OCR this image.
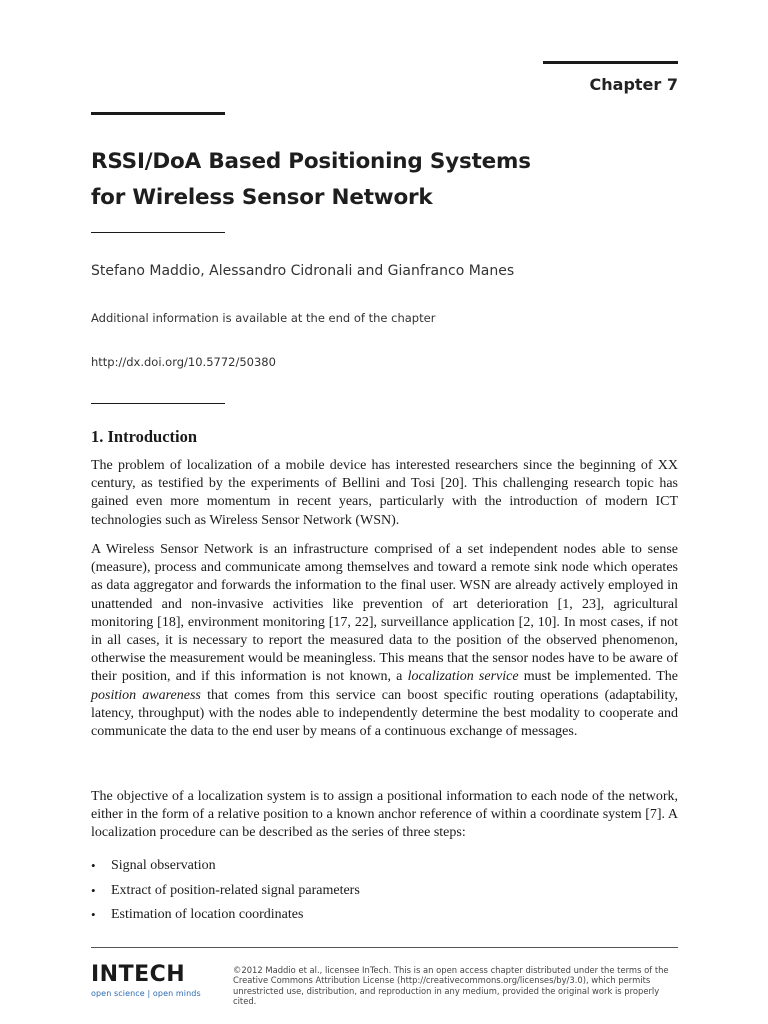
Chapter 7
RSSI/DoA Based Positioning Systems
for Wireless Sensor Network
Stefano Maddio, Alessandro Cidronali and Gianfranco Manes
Additional information is available at the end of the chapter
http://dx.doi.org/10.5772/50380
1. Introduction

The problem of localization of a mobile device has interested researchers since the beginning of XX century, as testified by the experiments of Bellini and Tosi [20]. This challenging research topic has gained even more momentum in recent years, particularly with the introduction of modern ICT technologies such as Wireless Sensor Network (WSN).

A Wireless Sensor Network is an infrastructure comprised of a set independent nodes able to sense (measure), process and communicate among themselves and toward a remote sink node which operates as data aggregator and forwards the information to the final user. WSN are already actively employed in unattended and non-invasive activities like prevention of art deterioration [1, 23], agricultural monitoring [18], environment monitoring [17, 22], surveillance application [2, 10]. In most cases, if not in all cases, it is necessary to report the measured data to the position of the observed phenomenon, otherwise the measurement would be meaningless. This means that the sensor nodes have to be aware of their position, and if this information is not known, a localization service must be implemented. The position awareness that comes from this service can boost specific routing operations (adaptability, latency, throughput) with the nodes able to independently determine the best modality to cooperate and communicate the data to the end user by means of a continuous exchange of messages.

The objective of a localization system is to assign a positional information to each node of the network, either in the form of a relative position to a known anchor reference of within a coordinate system [7]. A localization procedure can be described as the series of three steps:

• Signal observation
• Extract of position-related signal parameters
• Estimation of location coordinates
INTECH
open science | open minds
©2012 Maddio et al., licensee InTech. This is an open access chapter distributed under the terms of the Creative Commons Attribution License (http://creativecommons.org/licenses/by/3.0), which permits unrestricted use, distribution, and reproduction in any medium, provided the original work is properly cited.
